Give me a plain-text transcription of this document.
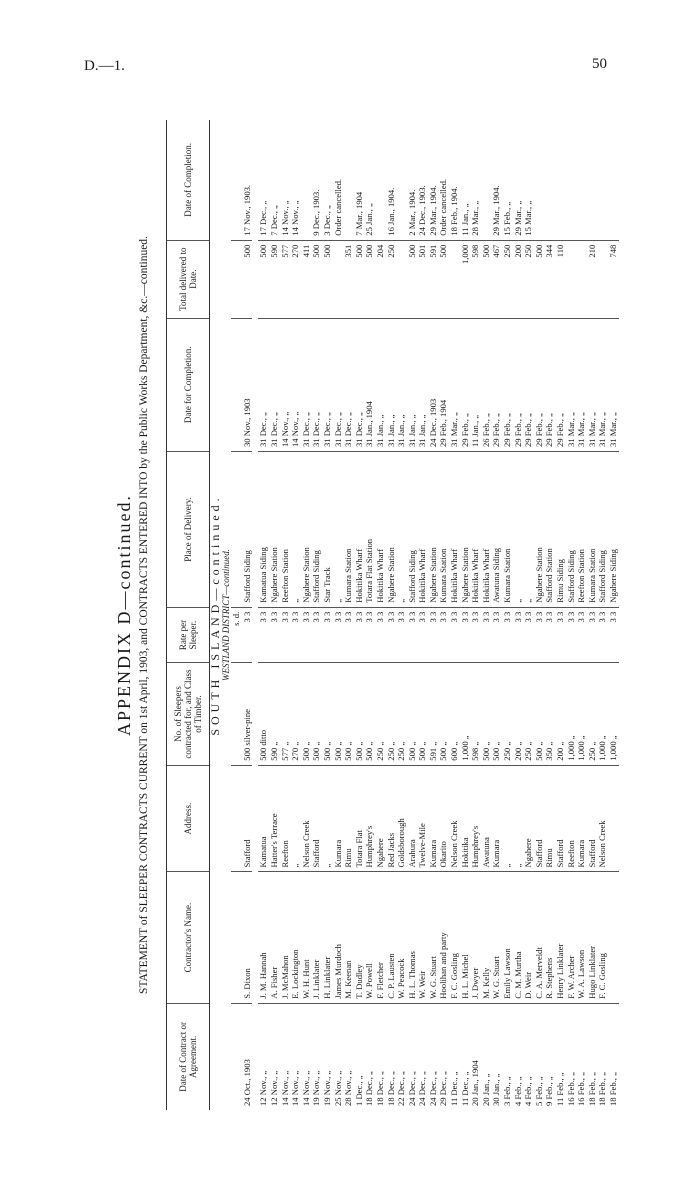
D.—1.	50
APPENDIX D—continued. STATEMENT of SLEEPER CONTRACTS CURRENT on 1st April, 1903, and CONTRACTS ENTERED INTO by the Public Works Department, &c.—continued.
Date of Contract or Agreement.	Contractor's Name.	Address.	No. of Sleepers contracted for, and Class of Timber.	Rate per Sleeper.	Place of Delivery.	Date for Completion.	Total delivered to Date.	Date of Completion.
SOUTH ISLAND—continued.								
WESTLAND DISTRICT—continued.								
				s. d.				
24 Oct., 1903	S. Dixon	Stafford	500 silver-pine	3 3	Stafford Siding	30 Nov., 1903	500	17 Nov., 1903.

12 Nov., „	J. M. Hannah	Kamatua	500 ditto	3 3	Kamatua Siding	31 Dec., „	500	17 Dec., „
12 Nov., „	A. Fisher	Hatter's Terrace	590 „	3 3	Ngahere Station	31 Dec., „	590	7 Dec., „
14 Nov., „	J. McMahon	Reefton	577 „	3 3	Reefton Station	14 Nov., „	577	14 Nov., „
14 Nov., „	E. Lockington	„	270 „	3 3	„	14 Nov., „	270	14 Nov., „
14 Nov., „	W. H. Hunt	Nelson Creek	500 „	3 3	Ngahere Station	31 Dec., „	411	
19 Nov., „	J. Linklater	Stafford	500 „	3 3	Stafford Siding	31 Dec., „	500	9 Dec., 1903.
19 Nov., „	H. Linklater	„	500 „	3 3	Star Track	31 Dec., „	500	3 Dec., „
25 Nov., „	James Murdoch	Kumara	500 „	3 3	„	31 Dec., „		Order cancelled.
28 Nov., „	M. Keenan	Rimu	500 „	3 3	Kumara Station	31 Dec., „	351	
1 Dec., „	T. Dudley	Totara Flat	500 „	3 3	Hokitika Wharf	31 Dec., „	500	7 Mar., 1904
18 Dec., „	W. Powell	Humphrey's	500 „	3 3	Totara Flat Station	31 Jan., 1904	500	25 Jan., „
18 Dec., „	F. Fletcher	Ngahere	250 „	3 3	Hokitika Wharf	31 Jan., „	204	
18 Dec., „	C. P. Lausten	Red Jacks	250 „	3 3	Ngahere Station	31 Jan., „	250	16 Jan., 1904.
22 Dec., „	W. Peacock	Goldsborough	250 „	3 3	„	31 Jan., „		
24 Dec., „	H. L. Thomas	Arahura	500 „	3 3	Stafford Siding	31 Jan., „	500	2 Mar., 1904.
24 Dec., „	W. Weir	Twelve-Mile	500 „	3 3	Hokitika Wharf	31 Jan., „	501	24 Dec., 1903.
24 Dec., „	W. G. Stuart	Kumara	591 „	3 3	Ngahere Station	24 Dec., 1903	591	29 Mar., 1904.
29 Dec., „	Hoolihan and party	Okarito	500 „	3 3	Kumara Station	29 Feb., 1904	500	Order cancelled.
11 Dec., „	F. C. Gosling	Nelson Creek	600 „	3 3	Hokitika Wharf	31 Mar., „		18 Feb., 1904.
11 Dec., „	H. L. Michel	Hokitika	1,000 „	3 3	Ngahere Station	29 Feb., „	1,000	11 Jan., „
20 Jan., 1904	J. Dwyer	Humphrey's	598 „	3 3	Hokitika Wharf	11 Jan., „	598	28 Mar., „
20 Jan., „	M. Kelly	Awatuna	500 „	3 3	Hokitika Wharf	26 Feb., „	500	
30 Jan., „	W. G. Stuart	Kumara	500 „	3 3	Awatuna Siding	29 Feb., „	467	29 Mar., 1904.
3 Feb., „	Emily Lawson	„	250 „	3 3	Kumara Station	29 Feb., „	250	15 Feb., „
4 Feb., „	C. M. Murtha	„	200 „	3 3	„	29 Feb., „	200	29 Mar., „
4 Feb., „	D. Weir	Ngahere	250 „	3 3	„	29 Feb., „	250	15 Mar., „
5 Feb., „	C. A. Merveldt	Stafford	500 „	3 3	Ngahere Station	29 Feb., „	500	
9 Feb., „	R. Stephens	Rimu	350 „	3 3	Stafford Station	29 Feb., „	344	
11 Feb., „	Henry Linklater	Stafford	200 „	3 3	Rimu Siding	29 Feb., „	110	
16 Feb., „	F. W. Archer	Reefton	1,000 „	3 3	Stafford Siding	31 Mar., „		
16 Feb., „	W. A. Lawson	Kumara	1,000 „	3 3	Reefton Station	31 Mar., „		
18 Feb., „	Hugo Linklater	Stafford	250 „	3 3	Kumara Station	31 Mar., „	210	
18 Feb., „	F. C. Gosling	Nelson Creek	1,000 „	3 3	Stafford Siding	31 Mar., „		
18 Feb., „			1,000 „	3 3	Ngahere Siding	31 Mar., „	748	
